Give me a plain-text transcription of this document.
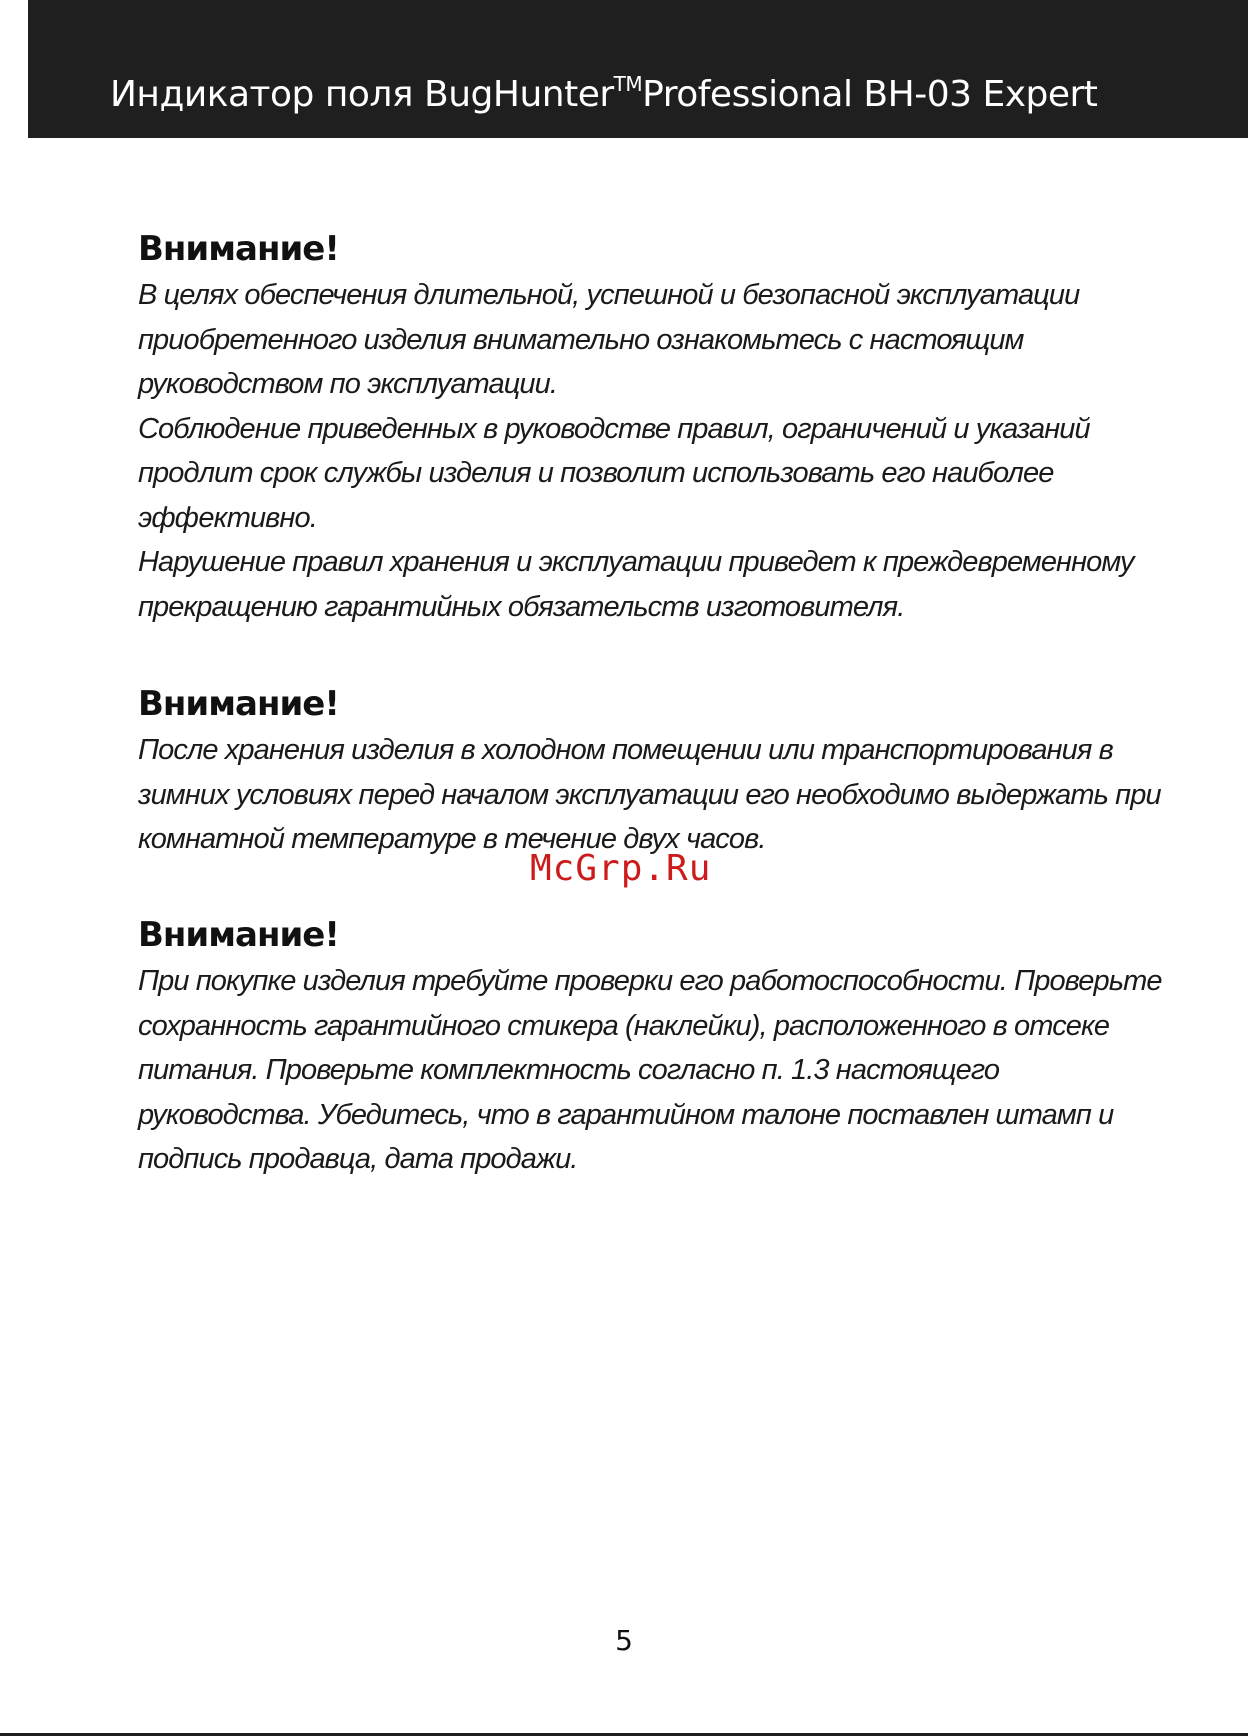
Индикатор поля BugHunter™Professional BH-03 Expert
Внимание!

В целях обеспечения длительной, успешной и безопасной эксплуатации
приобретенного изделия внимательно ознакомьтесь с настоящим
руководством по эксплуатации.
Соблюдение приведенных в руководстве правил, ограничений и указаний
продлит срок службы изделия и позволит использовать его наиболее
эффективно.
Нарушение правил хранения и эксплуатации приведет к преждевременному
прекращению гарантийных обязательств изготовителя.

Внимание!

После хранения изделия в холодном помещении или транспортирования в
зимних условиях перед началом эксплуатации его необходимо выдержать при
комнатной температуре в течение двух часов.

McGrp.Ru
Внимание!

При покупке изделия требуйте проверки его работоспособности. Проверьте
сохранность гарантийного стикера (наклейки), расположенного в отсеке
питания. Проверьте комплектность согласно п. 1.3 настоящего
руководства. Убедитесь, что в гарантийном талоне поставлен штамп и
подпись продавца, дата продажи.

5
